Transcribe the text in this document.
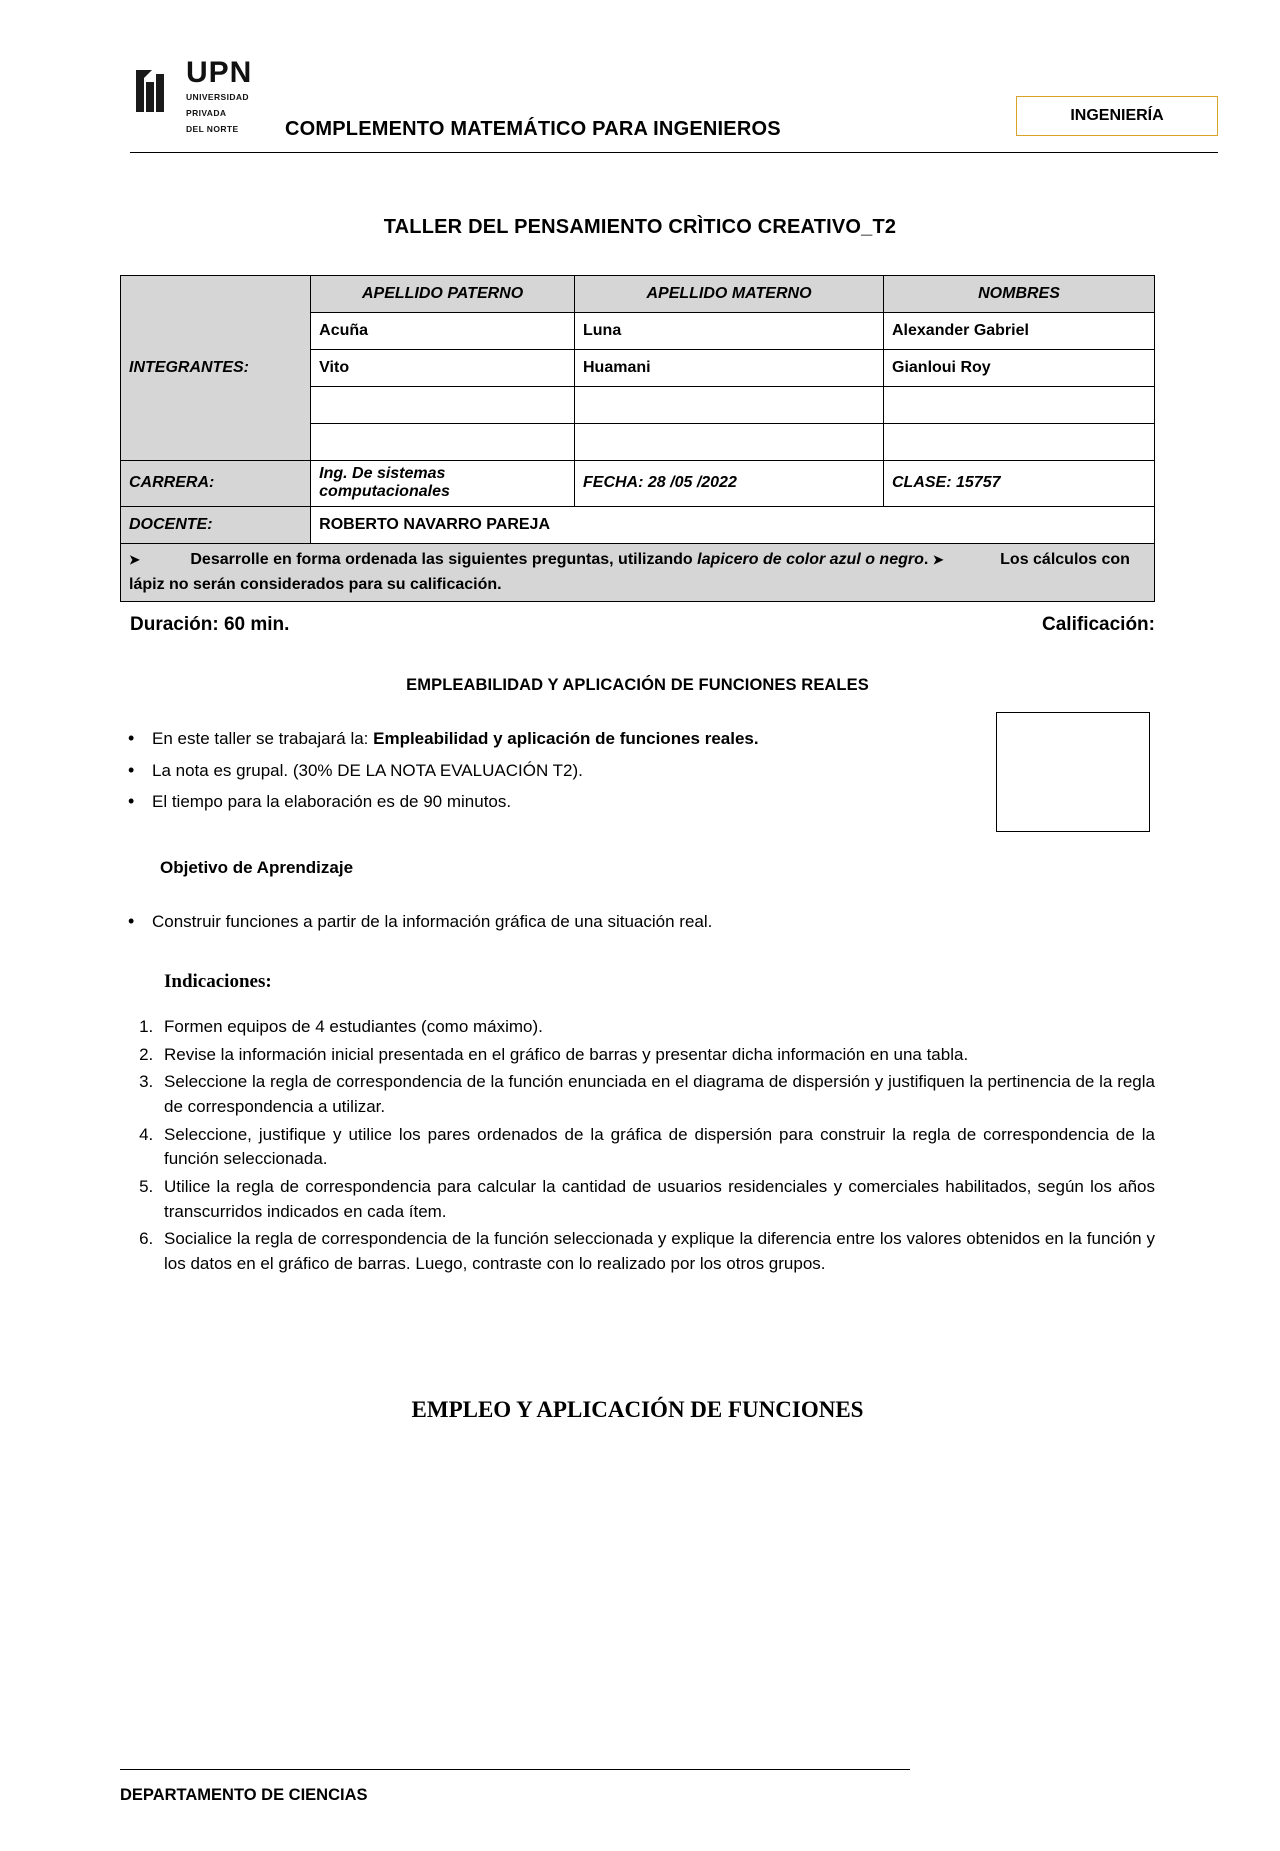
UPN UNIVERSIDAD
PRIVADA
DEL NORTE	COMPLEMENTO MATEMÁTICO PARA INGENIEROS
INGENIERÍA
TALLER DEL PENSAMIENTO CRÌTICO CREATIVO_T2
INTEGRANTES:	APELLIDO PATERNO	APELLIDO MATERNO	NOMBRES
	Acuña	Luna	Alexander Gabriel
	Vito	Huamani	Gianloui Roy

CARRERA:	Ing. De sistemas computacionales	FECHA: 28 /05 /2022	CLASE: 15757
DOCENTE:	ROBERTO NAVARRO PAREJA		
➤ Desarrolle en forma ordenada las siguientes preguntas, utilizando lapicero de color azul o negro. ➤ Los cálculos con lápiz no serán considerados para su calificación.			
Duración: 60 min.	Calificación:
EMPLEABILIDAD Y APLICACIÓN DE FUNCIONES REALES
• En este taller se trabajará la: Empleabilidad y aplicación de funciones reales.
• La nota es grupal. (30% DE LA NOTA EVALUACIÓN T2).
• El tiempo para la elaboración es de 90 minutos.
Objetivo de Aprendizaje
• Construir funciones a partir de la información gráfica de una situación real.
Indicaciones:
1. Formen equipos de 4 estudiantes (como máximo).
2. Revise la información inicial presentada en el gráfico de barras y presentar dicha información en una tabla.
3. Seleccione la regla de correspondencia de la función enunciada en el diagrama de dispersión y justifiquen la pertinencia de la regla de correspondencia a utilizar.
4. Seleccione, justifique y utilice los pares ordenados de la gráfica de dispersión para construir la regla de correspondencia de la función seleccionada.
5. Utilice la regla de correspondencia para calcular la cantidad de usuarios residenciales y comerciales habilitados, según los años transcurridos indicados en cada ítem.
6. Socialice la regla de correspondencia de la función seleccionada y explique la diferencia entre los valores obtenidos en la función y los datos en el gráfico de barras. Luego, contraste con lo realizado por los otros grupos.
EMPLEO Y APLICACIÓN DE FUNCIONES
DEPARTAMENTO DE CIENCIAS
